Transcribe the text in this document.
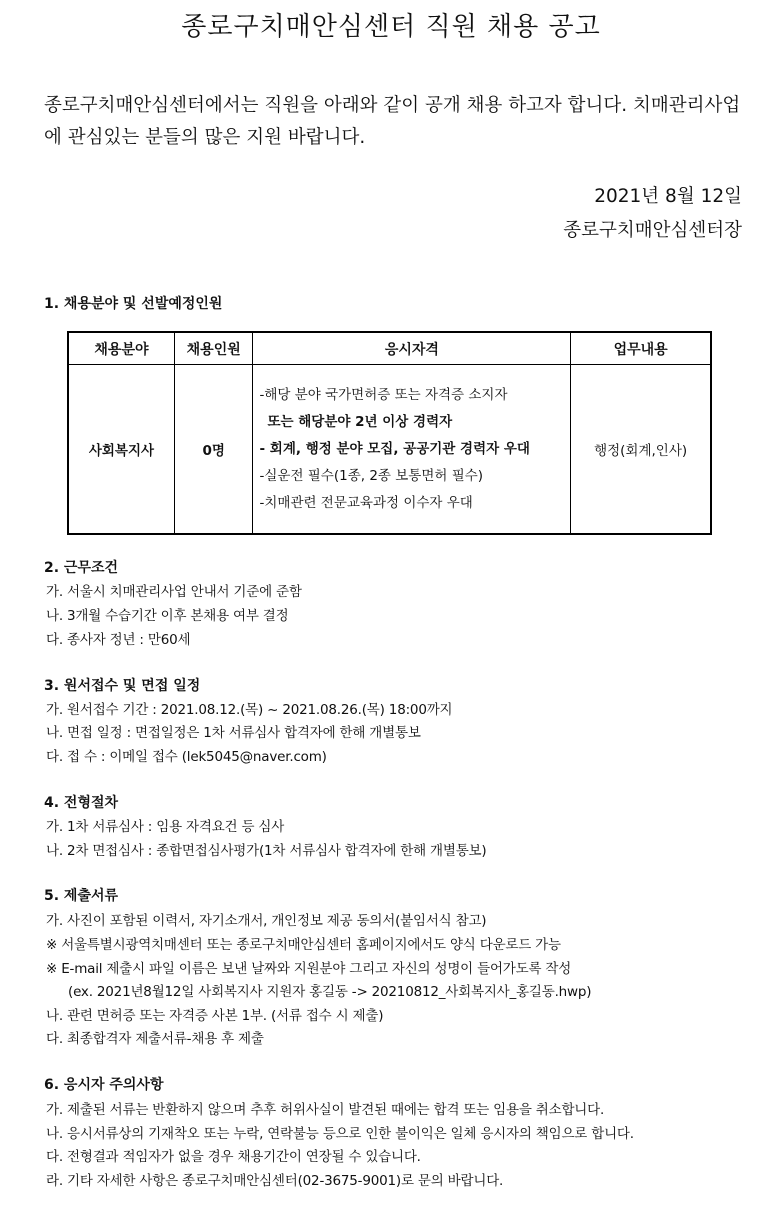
종로구치매안심센터 직원 채용 공고

종로구치매안심센터에서는 직원을 아래와 같이 공개 채용 하고자 합니다. 치매관리사업에 관심있는 분들의 많은 지원 바랍니다.

2021년 8월 12일
종로구치매안심센터장
1. 채용분야 및 선발예정인원
채용분야	채용인원	응시자격	업무내용
사회복지사	0명	-해당 분야 국가면허증 또는 자격증 소지자
또는 해당분야 2년 이상 경력자
- 회계, 행정 분야 모집, 공공기관 경력자 우대
-실운전 필수(1종, 2종 보통면허 필수)
-치매관련 전문교육과정 이수자 우대	행정(회계,인사)
2. 근무조건
가. 서울시 치매관리사업 안내서 기준에 준함
나. 3개월 수습기간 이후 본채용 여부 결정
다. 종사자 정년 : 만60세
3. 원서접수 및 면접 일정
가. 원서접수 기간 : 2021.08.12.(목) ~ 2021.08.26.(목) 18:00까지
나. 면접 일정 : 면접일정은 1차 서류심사 합격자에 한해 개별통보
다. 접 수 : 이메일 접수 (lek5045@naver.com)
4. 전형절차
가. 1차 서류심사 : 임용 자격요건 등 심사
나. 2차 면접심사 : 종합면접심사평가(1차 서류심사 합격자에 한해 개별통보)
5. 제출서류
가. 사진이 포함된 이력서, 자기소개서, 개인정보 제공 동의서(붙임서식 참고)
※ 서울특별시광역치매센터 또는 종로구치매안심센터 홈페이지에서도 양식 다운로드 가능
※ E-mail 제출시 파일 이름은 보낸 날짜와 지원분야 그리고 자신의 성명이 들어가도록 작성
(ex. 2021년8월12일 사회복지사 지원자 홍길동 -> 20210812_사회복지사_홍길동.hwp)
나. 관련 면허증 또는 자격증 사본 1부. (서류 접수 시 제출)
다. 최종합격자 제출서류-채용 후 제출
6. 응시자 주의사항
가. 제출된 서류는 반환하지 않으며 추후 허위사실이 발견된 때에는 합격 또는 임용을 취소합니다.
나. 응시서류상의 기재착오 또는 누락, 연락불능 등으로 인한 불이익은 일체 응시자의 책임으로 합니다.
다. 전형결과 적임자가 없을 경우 채용기간이 연장될 수 있습니다.
라. 기타 자세한 사항은 종로구치매안심센터(02-3675-9001)로 문의 바랍니다.
